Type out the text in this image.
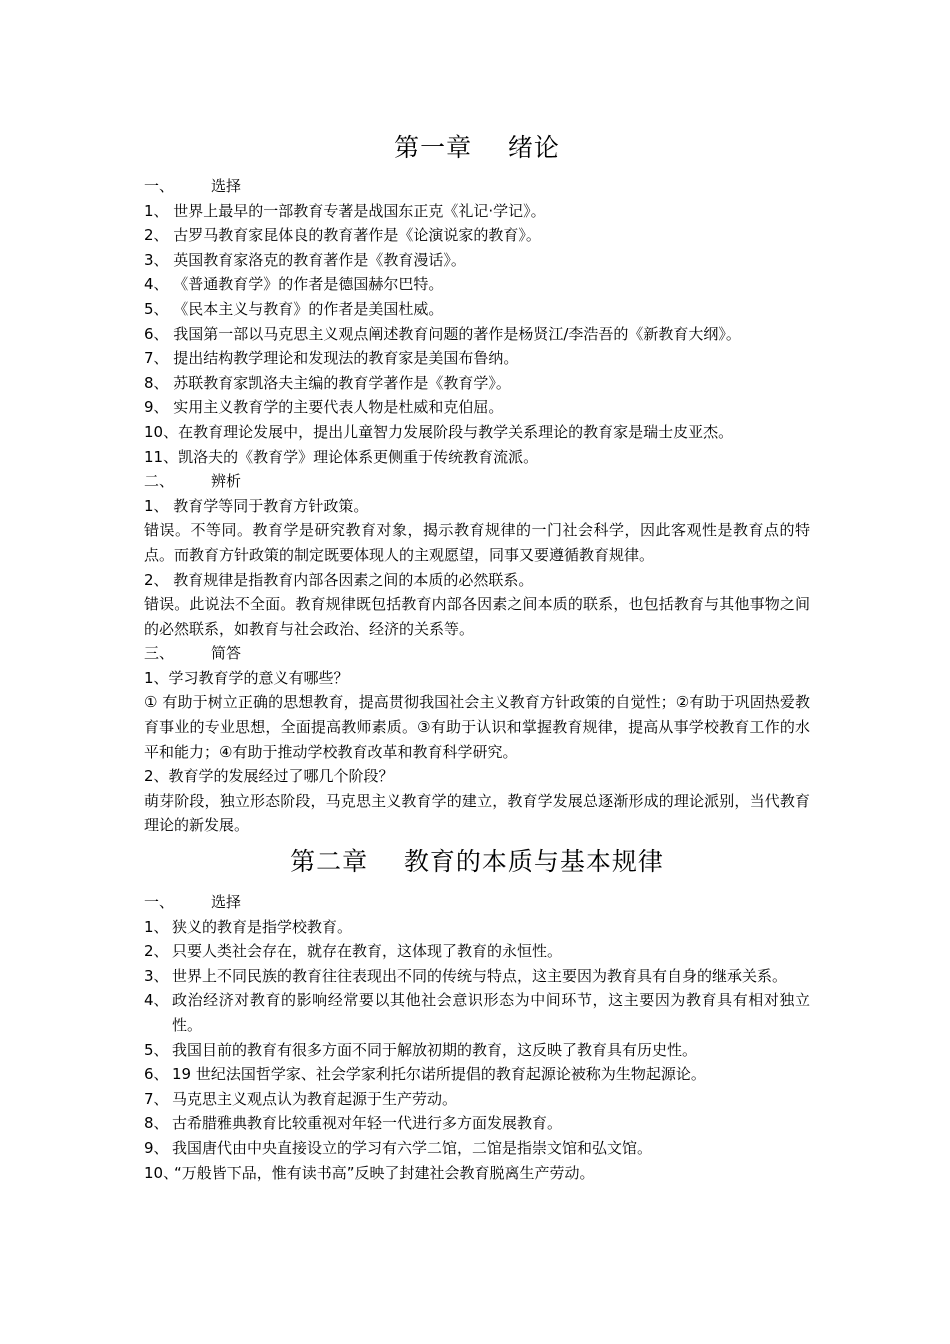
第一章    绪论
一、	选择

1、 世界上最早的一部教育专著是战国东正克《礼记·学记》。

2、 古罗马教育家昆体良的教育著作是《论演说家的教育》。

3、 英国教育家洛克的教育著作是《教育漫话》。

4、 《普通教育学》的作者是德国赫尔巴特。

5、 《民本主义与教育》的作者是美国杜威。

6、 我国第一部以马克思主义观点阐述教育问题的著作是杨贤江/李浩吾的《新教育大纲》。

7、 提出结构教学理论和发现法的教育家是美国布鲁纳。

8、 苏联教育家凯洛夫主编的教育学著作是《教育学》。

9、 实用主义教育学的主要代表人物是杜威和克伯屈。

10、在教育理论发展中，提出儿童智力发展阶段与教学关系理论的教育家是瑞士皮亚杰。

11、凯洛夫的《教育学》理论体系更侧重于传统教育流派。

二、	辨析

1、 教育学等同于教育方针政策。

错误。不等同。教育学是研究教育对象，揭示教育规律的一门社会科学，因此客观性是教育点的特点。而教育方针政策的制定既要体现人的主观愿望，同事又要遵循教育规律。

2、 教育规律是指教育内部各因素之间的本质的必然联系。

错误。此说法不全面。教育规律既包括教育内部各因素之间本质的联系，也包括教育与其他事物之间的必然联系，如教育与社会政治、经济的关系等。

三、	简答

1、学习教育学的意义有哪些？

① 有助于树立正确的思想教育，提高贯彻我国社会主义教育方针政策的自觉性；②有助于巩固热爱教育事业的专业思想，全面提高教师素质。③有助于认识和掌握教育规律，提高从事学校教育工作的水平和能力；④有助于推动学校教育改革和教育科学研究。

2、教育学的发展经过了哪几个阶段？

萌芽阶段，独立形态阶段，马克思主义教育学的建立，教育学发展总逐渐形成的理论派别，当代教育理论的新发展。

第二章    教育的本质与基本规律
一、	选择
1、 狭义的教育是指学校教育。
2、 只要人类社会存在，就存在教育，这体现了教育的永恒性。
3、 世界上不同民族的教育往往表现出不同的传统与特点，这主要因为教育具有自身的继承关系。
4、 政治经济对教育的影响经常要以其他社会意识形态为中间环节，这主要因为教育具有相对独立性。
5、 我国目前的教育有很多方面不同于解放初期的教育，这反映了教育具有历史性。
6、 19 世纪法国哲学家、社会学家利托尔诺所提倡的教育起源论被称为生物起源论。
7、 马克思主义观点认为教育起源于生产劳动。
8、 古希腊雅典教育比较重视对年轻一代进行多方面发展教育。
9、 我国唐代由中央直接设立的学习有六学二馆，二馆是指崇文馆和弘文馆。
10、
“万般皆下品，惟有读书高”反映了封建社会教育脱离生产劳动。
